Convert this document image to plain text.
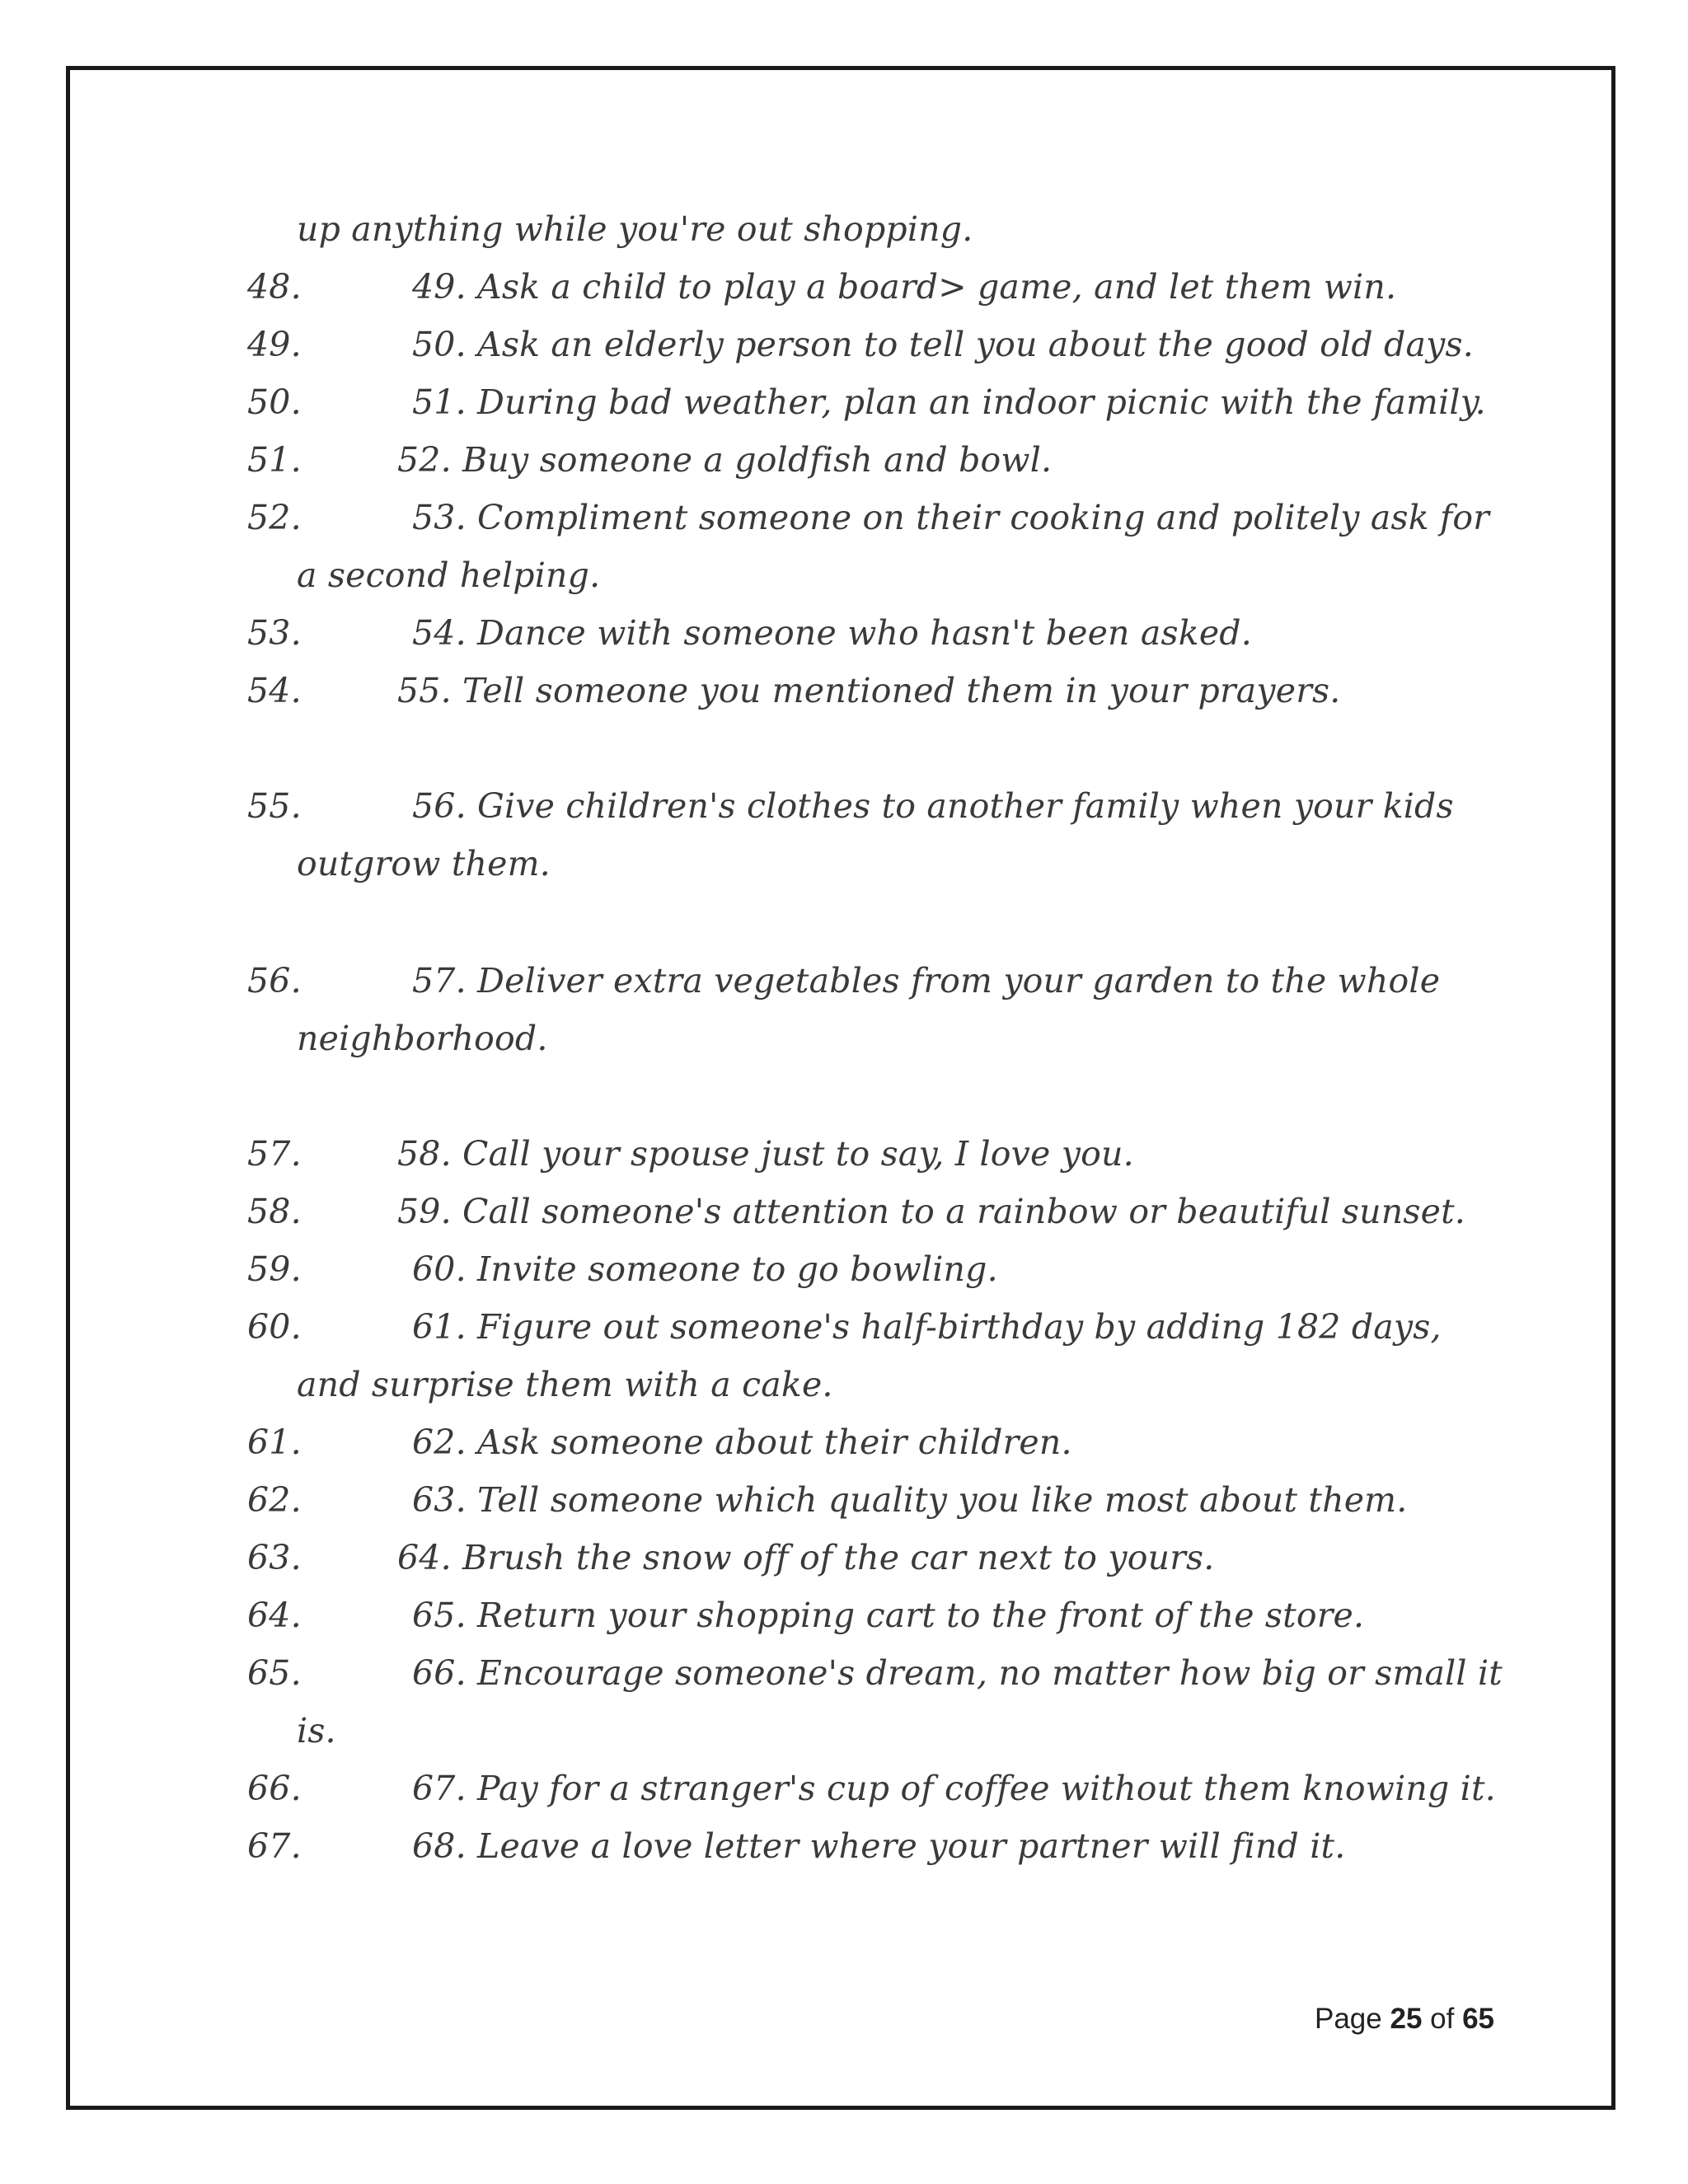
up anything while you're out shopping.
48.	49. Ask a child to play a board> game, and let them win.
49.	50. Ask an elderly person to tell you about the good old days.
50.	51. During bad weather, plan an indoor picnic with the family.
51.	52. Buy someone a goldfish and bowl.
52.	53. Compliment someone on their cooking and politely ask for
a second helping.
53.	54. Dance with someone who hasn't been asked.
54.	55. Tell someone you mentioned them in your prayers.
55.	56. Give children's clothes to another family when your kids
outgrow them.
56.	57. Deliver extra vegetables from your garden to the whole
neighborhood.
57.	58. Call your spouse just to say, I love you.
58.	59. Call someone's attention to a rainbow or beautiful sunset.
59.	60. Invite someone to go bowling.
60.	61. Figure out someone's half-birthday by adding 182 days,
and surprise them with a cake.
61.	62. Ask someone about their children.
62.	63. Tell someone which quality you like most about them.
63.	64. Brush the snow off of the car next to yours.
64.	65. Return your shopping cart to the front of the store.
65.	66. Encourage someone's dream, no matter how big or small it
is.
66.	67. Pay for a stranger's cup of coffee without them knowing it.
67.	68. Leave a love letter where your partner will find it.
Page 25 of 65
